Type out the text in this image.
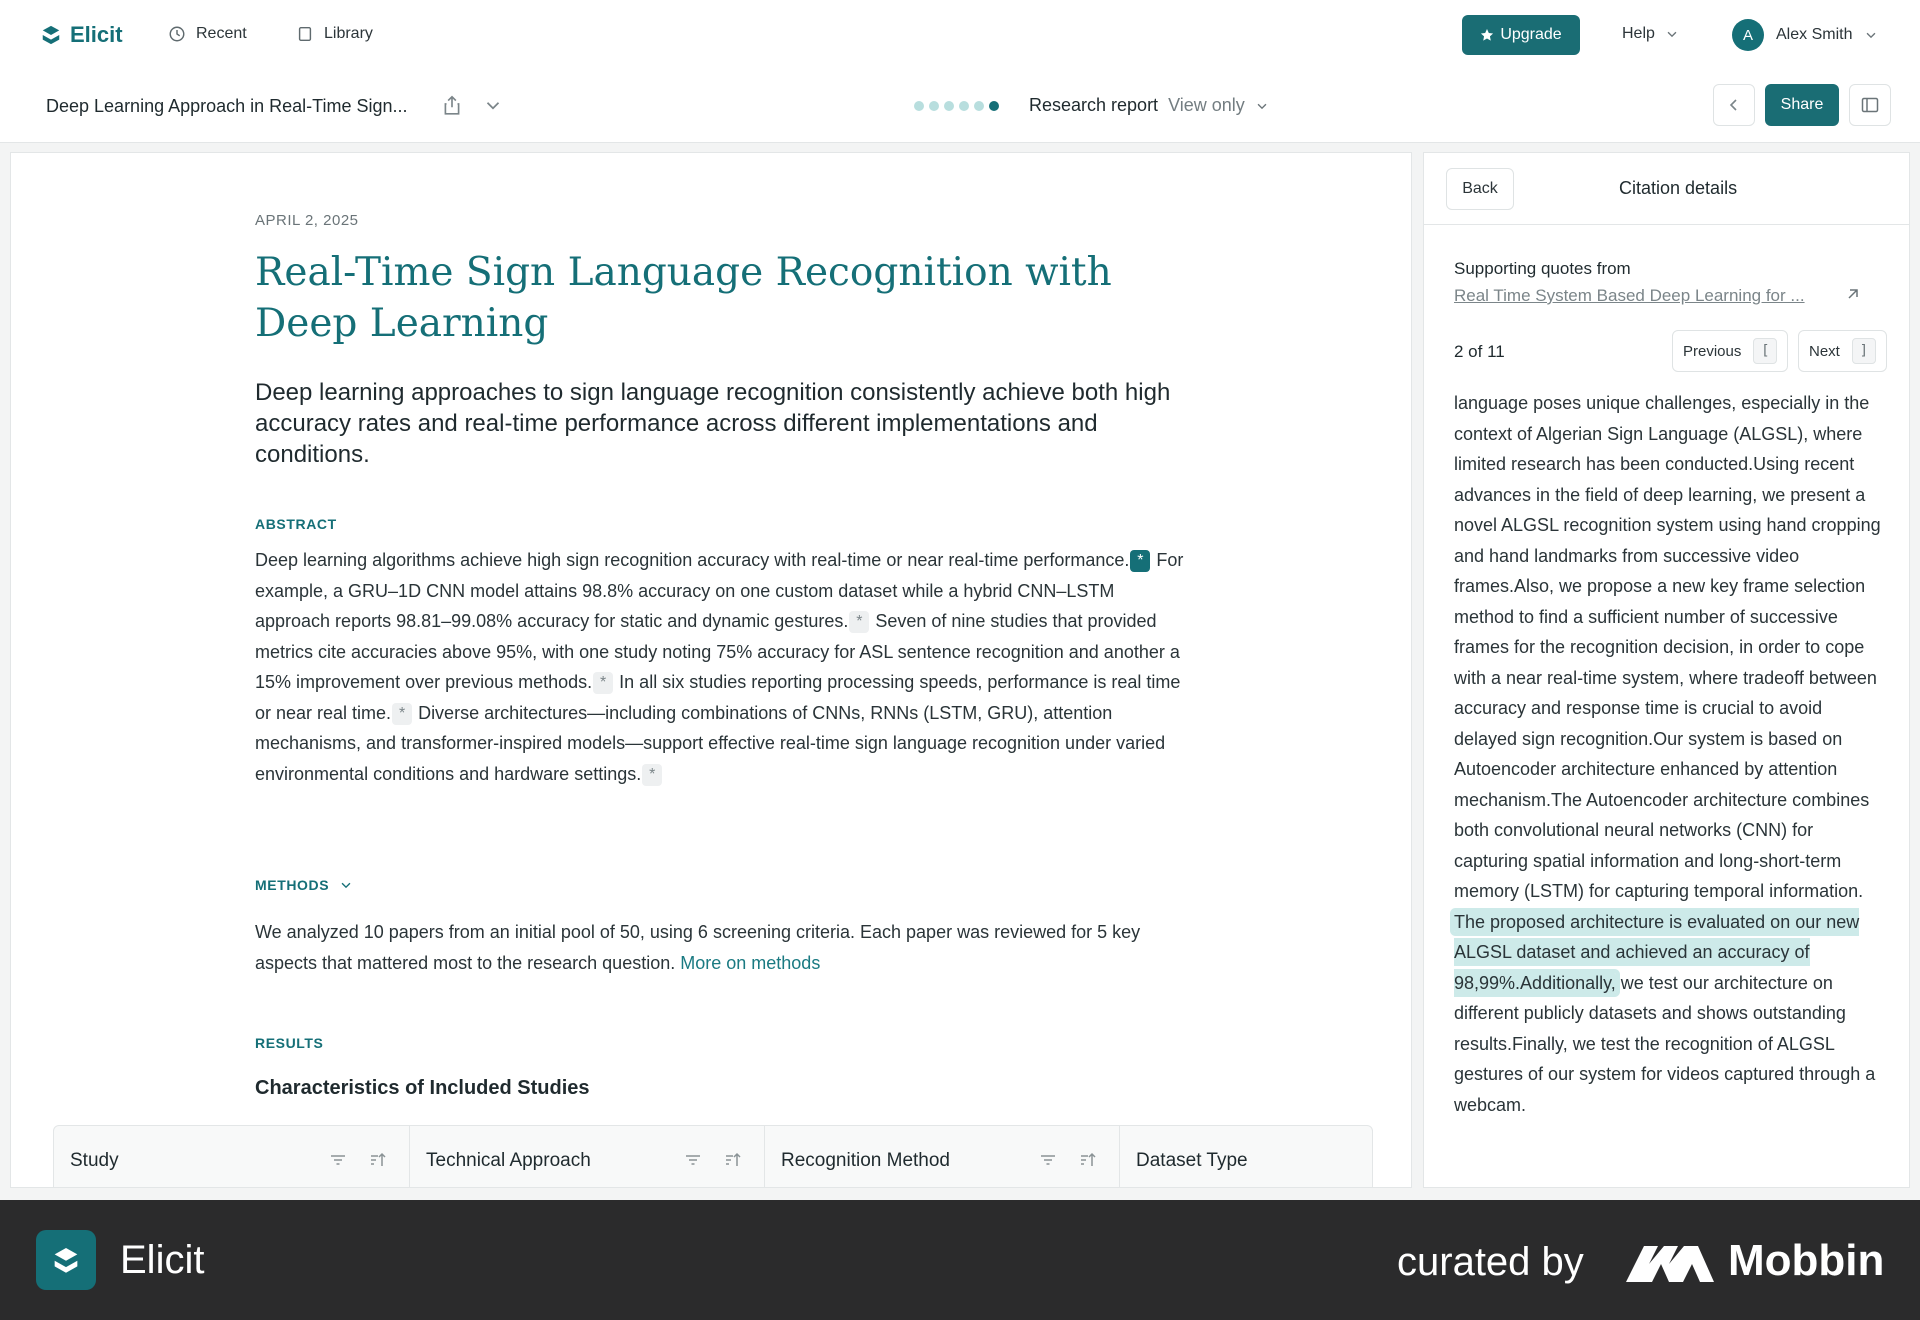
Elicit	Recent	Library	Upgrade	Help	A	Alex Smith
Deep Learning Approach in Real-Time Sign...	Research report View only	Share
APRIL 2, 2025
Real-Time Sign Language Recognition with Deep Learning

Deep learning approaches to sign language recognition consistently achieve both high accuracy rates and real-time performance across different implementations and conditions.

ABSTRACT

Deep learning algorithms achieve high sign recognition accuracy with real-time or near real-time performance. * For example, a GRU–1D CNN model attains 98.8% accuracy on one custom dataset while a hybrid CNN–LSTM approach reports 98.81–99.08% accuracy for static and dynamic gestures. * Seven of nine studies that provided metrics cite accuracies above 95%, with one study noting 75% accuracy for ASL sentence recognition and another a 15% improvement over previous methods. * In all six studies reporting processing speeds, performance is real time or near real time. * Diverse architectures—including combinations of CNNs, RNNs (LSTM, GRU), attention mechanisms, and transformer-inspired models—support effective real-time sign language recognition under varied environmental conditions and hardware settings. *

METHODS

We analyzed 10 papers from an initial pool of 50, using 6 screening criteria. Each paper was reviewed for 5 key aspects that mattered most to the research question. More on methods

RESULTS
Characteristics of Included Studies
Study	Technical Approach	Recognition Method	Dataset Type
Back	Citation details
Supporting quotes from
Real Time System Based Deep Learning for ...
2 of 11	Previous	[	Next	]

language poses unique challenges, especially in the context of Algerian Sign Language (ALGSL), where limited research has been conducted.Using recent advances in the field of deep learning, we present a novel ALGSL recognition system using hand cropping and hand landmarks from successive video frames.Also, we propose a new key frame selection method to find a sufficient number of successive frames for the recognition decision, in order to cope with a near real-time system, where tradeoff between accuracy and response time is crucial to avoid delayed sign recognition.Our system is based on Autoencoder architecture enhanced by attention mechanism.The Autoencoder architecture combines both convolutional neural networks (CNN) for capturing spatial information and long-short-term memory (LSTM) for capturing temporal information. The proposed architecture is evaluated on our new ALGSL dataset and achieved an accuracy of 98,99%.Additionally, we test our architecture on different publicly datasets and shows outstanding results.Finally, we test the recognition of ALGSL gestures of our system for videos captured through a webcam.

Elicit	curated by	Mobbin
